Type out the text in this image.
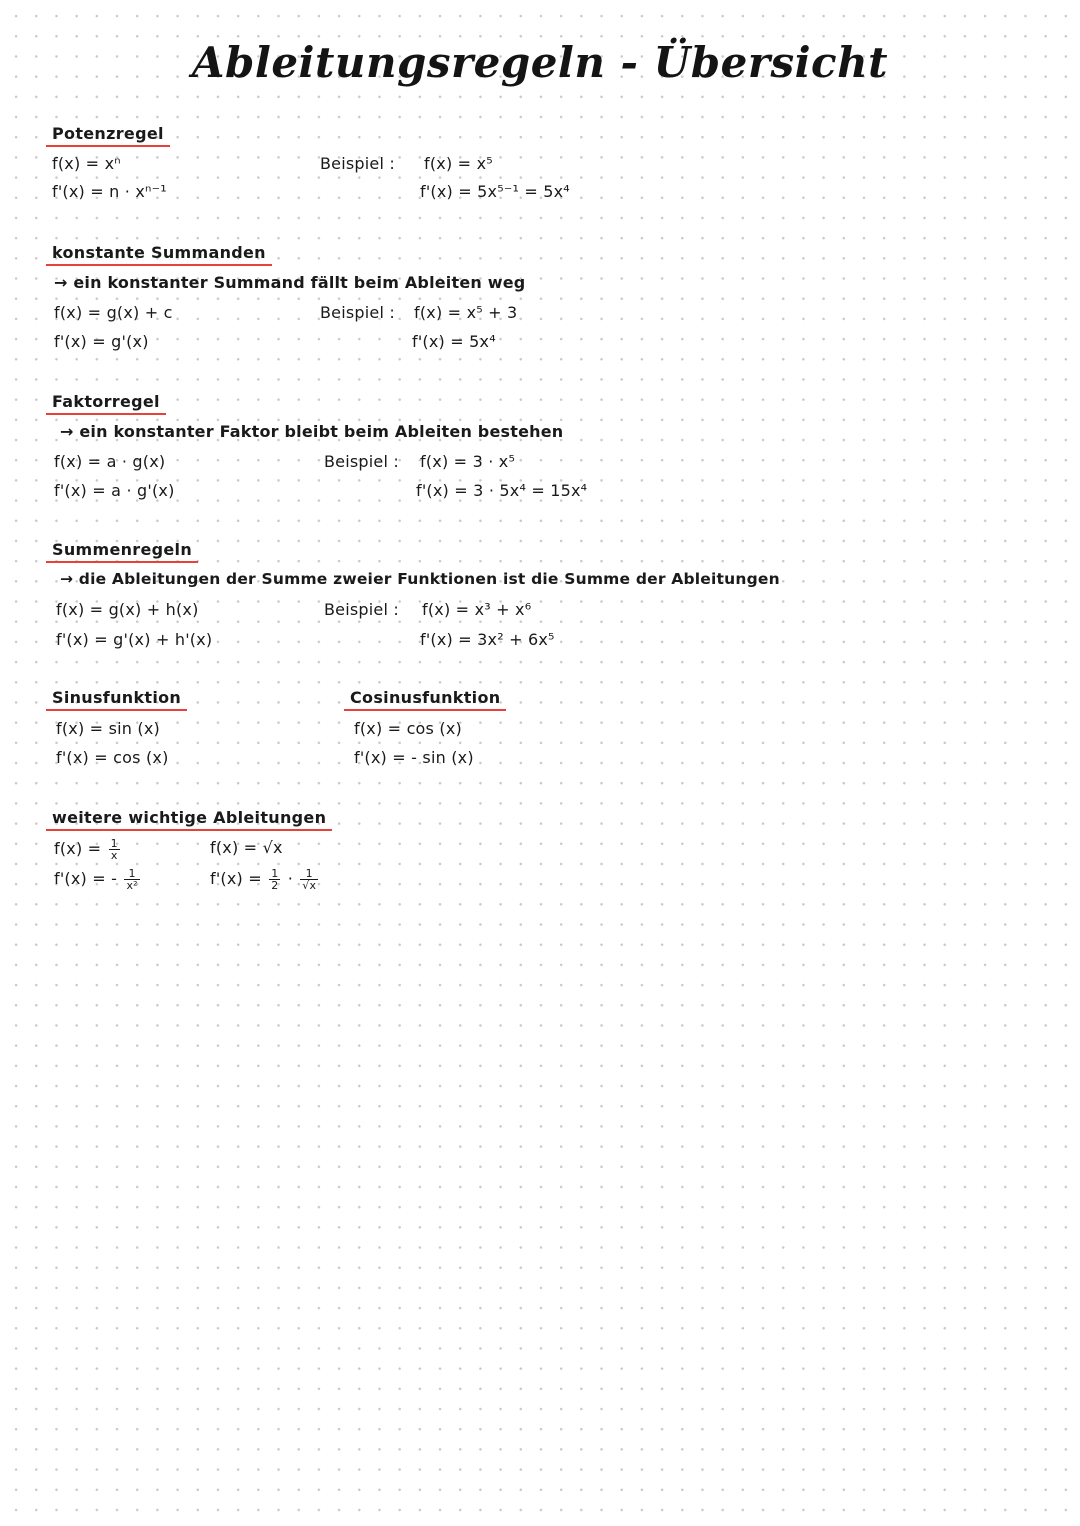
Ableitungsregeln - Übersicht
Potenzregel
f(x) = xⁿ
f'(x) = n · xⁿ⁻¹
Beispiel : f(x) = x⁵
f'(x) = 5x⁵⁻¹ = 5x⁴
konstante Summanden
→ ein konstanter Summand fällt beim Ableiten weg
f(x) = g(x) + c
f'(x) = g'(x)
Beispiel : f(x) = x⁵ + 3
f'(x) = 5x⁴
Faktorregel
→ ein konstanter Faktor bleibt beim Ableiten bestehen
f(x) = a · g(x)
f'(x) = a · g'(x)
Beispiel : f(x) = 3 · x⁵
f'(x) = 3 · 5x⁴ = 15x⁴
Summenregeln
→ die Ableitungen der Summe zweier Funktionen ist die Summe der Ableitungen
f(x) = g(x) + h(x)
f'(x) = g'(x) + h'(x)
Beispiel : f(x) = x³ + x⁶
f'(x) = 3x² + 6x⁵
Sinusfunktion
f(x) = sin (x)
f'(x) = cos (x)
Cosinusfunktion
f(x) = cos (x)
f'(x) = - sin (x)
weitere wichtige Ableitungen
$f(x) = \frac{1}{x}$
f'(x) = - $\frac{1}{\text{x²}}$
f(x) = √x
$f'(x) = \frac{1}{2} \cdot \frac{1}{√x}$
